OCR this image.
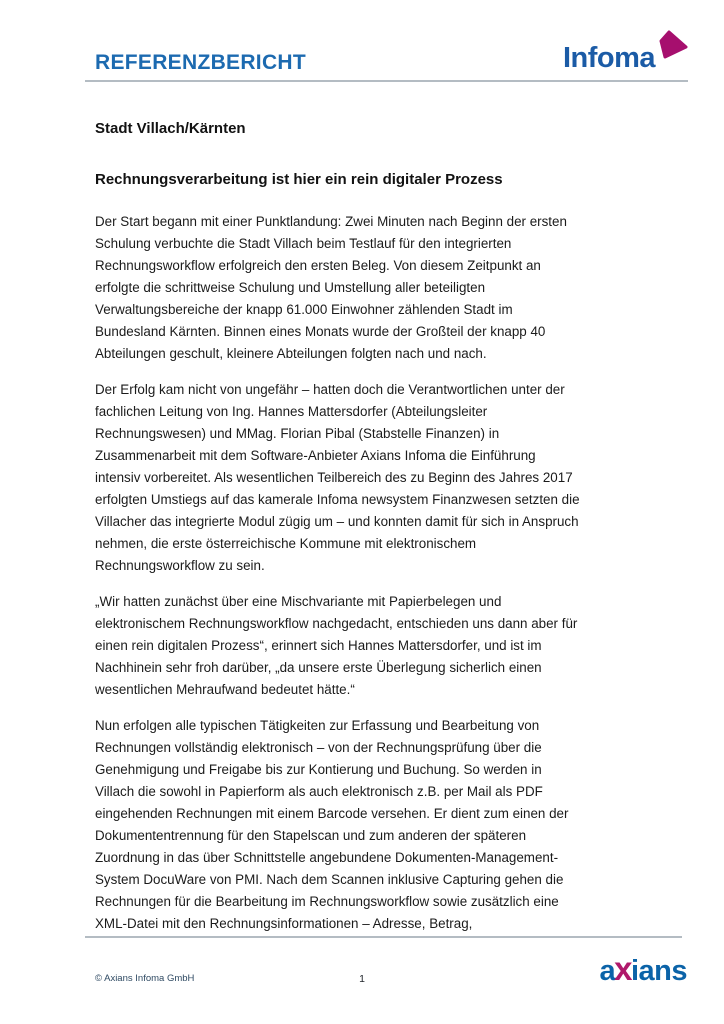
REFERENZBERICHT	Infoma
Stadt Villach/Kärnten
Rechnungsverarbeitung ist hier ein rein digitaler Prozess
Der Start begann mit einer Punktlandung: Zwei Minuten nach Beginn der ersten
Schulung verbuchte die Stadt Villach beim Testlauf für den integrierten
Rechnungsworkflow erfolgreich den ersten Beleg. Von diesem Zeitpunkt an
erfolgte die schrittweise Schulung und Umstellung aller beteiligten
Verwaltungsbereiche der knapp 61.000 Einwohner zählenden Stadt im
Bundesland Kärnten. Binnen eines Monats wurde der Großteil der knapp 40
Abteilungen geschult, kleinere Abteilungen folgten nach und nach.
Der Erfolg kam nicht von ungefähr – hatten doch die Verantwortlichen unter der
fachlichen Leitung von Ing. Hannes Mattersdorfer (Abteilungsleiter
Rechnungswesen) und MMag. Florian Pibal (Stabstelle Finanzen) in
Zusammenarbeit mit dem Software-Anbieter Axians Infoma die Einführung
intensiv vorbereitet. Als wesentlichen Teilbereich des zu Beginn des Jahres 2017
erfolgten Umstiegs auf das kamerale Infoma newsystem Finanzwesen setzten die
Villacher das integrierte Modul zügig um – und konnten damit für sich in Anspruch
nehmen, die erste österreichische Kommune mit elektronischem
Rechnungsworkflow zu sein.
„Wir hatten zunächst über eine Mischvariante mit Papierbelegen und
elektronischem Rechnungsworkflow nachgedacht, entschieden uns dann aber für
einen rein digitalen Prozess“, erinnert sich Hannes Mattersdorfer, und ist im
Nachhinein sehr froh darüber, „da unsere erste Überlegung sicherlich einen
wesentlichen Mehraufwand bedeutet hätte.“
Nun erfolgen alle typischen Tätigkeiten zur Erfassung und Bearbeitung von
Rechnungen vollständig elektronisch – von der Rechnungsprüfung über die
Genehmigung und Freigabe bis zur Kontierung und Buchung. So werden in
Villach die sowohl in Papierform als auch elektronisch z.B. per Mail als PDF
eingehenden Rechnungen mit einem Barcode versehen. Er dient zum einen der
Dokumententrennung für den Stapelscan und zum anderen der späteren
Zuordnung in das über Schnittstelle angebundene Dokumenten-Management-
System DocuWare von PMI. Nach dem Scannen inklusive Capturing gehen die
Rechnungen für die Bearbeitung im Rechnungsworkflow sowie zusätzlich eine
XML-Datei mit den Rechnungsinformationen – Adresse, Betrag,
© Axians Infoma GmbH	1	axians
